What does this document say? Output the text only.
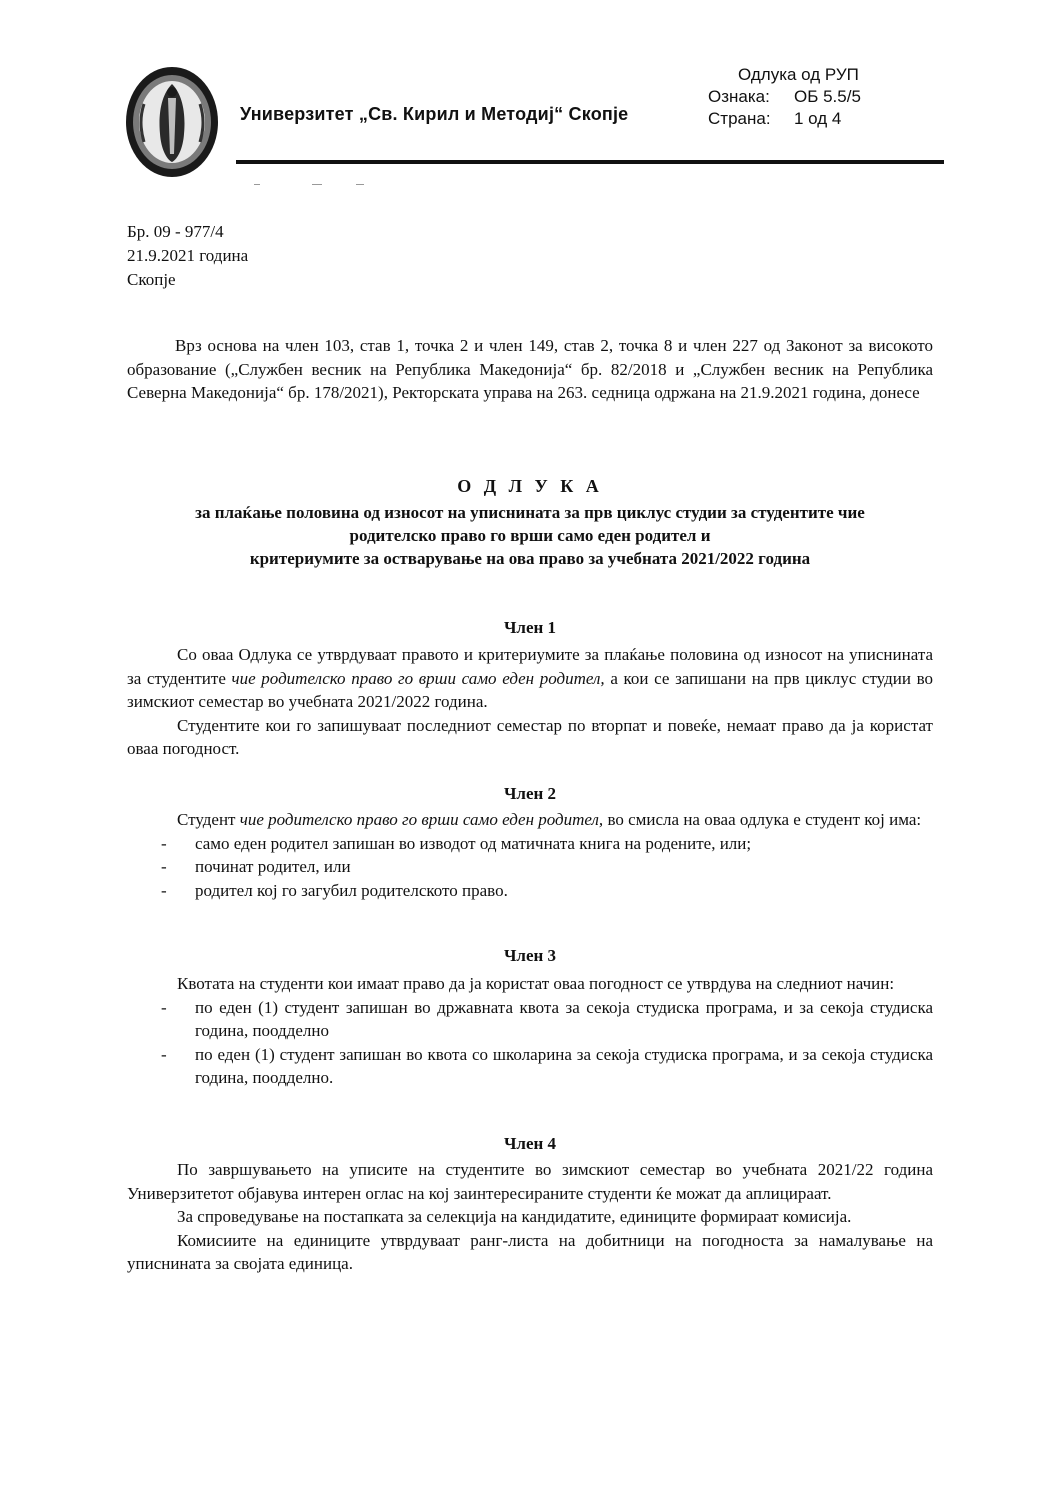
Универзитет „Св. Кирил и Методиј“ Скопје
Одлука од РУП
Ознака:	ОБ 5.5/5
Страна:	1 од 4
Бр. 09 - 977/4
21.9.2021 година
Скопје
Врз основа на член 103, став 1, точка 2 и член 149, став 2, точка 8 и член 227 од Законот за високото образование („Службен весник на Република Македонија“ бр. 82/2018 и „Службен весник на Република Северна Македонија“ бр. 178/2021), Ректорската управа на 263. седница одржана на 21.9.2021 година, донесе
О Д Л У К А
за плаќање половина од износот на уписнината за прв циклус студии за студентите чие
родителско право го врши само еден родител и
критериумите за остварување на ова право за учебната 2021/2022 година
Член 1

Со оваа Одлука се утврдуваат правото и критериумите за плаќање половина од износот на уписнината за студентите чие родителско право го врши само еден родител, а кои се запишани на прв циклус студии во зимскиот семестар во учебната 2021/2022 година.

Студентите кои го запишуваат последниот семестар по вторпат и повеќе, немаат право да ја користат оваа погодност.

Член 2

Студент чие родителско право го врши само еден родител, во смисла на оваа одлука е студент кој има:

- само еден родител запишан во изводот од матичната книга на родените, или;
- починат родител, или
- родител кој го загубил родителското право.
Член 3

Квотата на студенти кои имаат право да ја користат оваа погодност се утврдува на следниот начин:

- по еден (1) студент запишан во државната квота за секоја студиска програма, и за секоја студиска година, поодделно
- по еден (1) студент запишан во квота со школарина за секоја студиска програма, и за секоја студиска година, поодделно.
Член 4

По завршувањето на уписите на студентите во зимскиот семестар во учебната 2021/22 година Универзитетот објавува интерен оглас на кој заинтересираните студенти ќе можат да аплицираат.

За спроведување на постапката за селекција на кандидатите, единиците формираат комисија.

Комисиите на единиците утврдуваат ранг-листа на добитници на погодноста за намалување на уписнината за својата единица.
